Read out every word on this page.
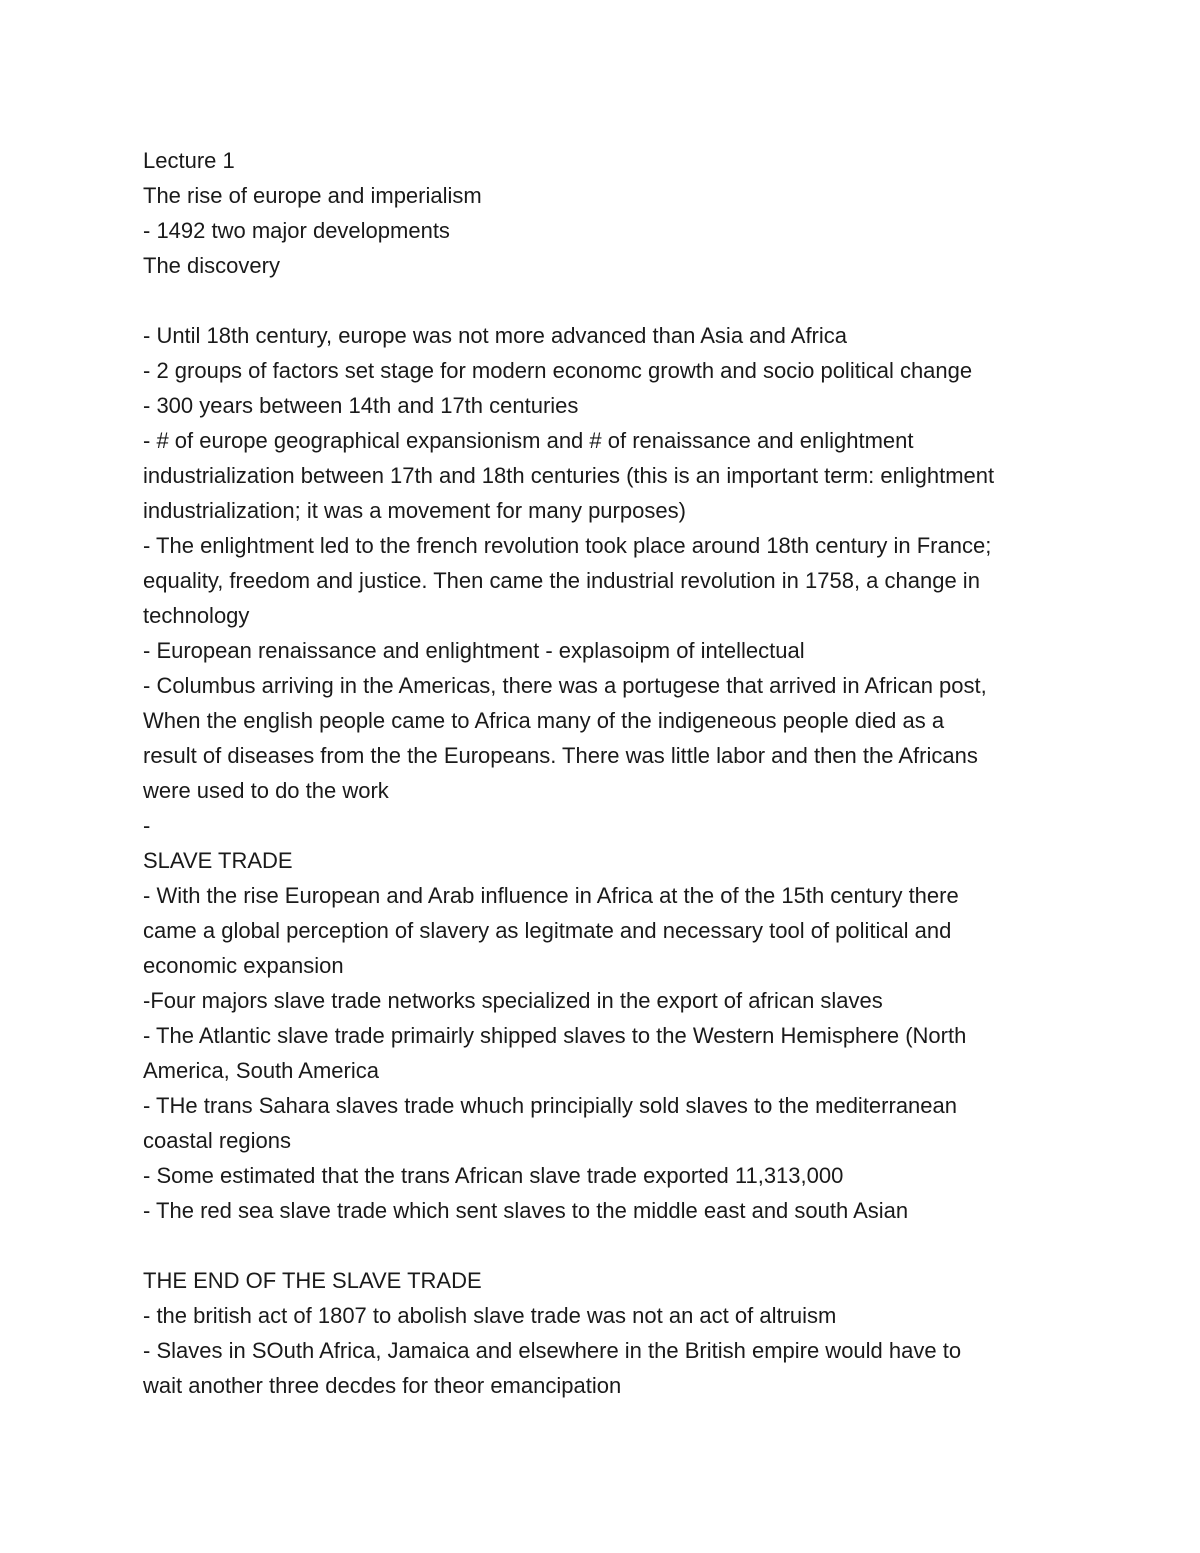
Lecture 1
The rise of europe and imperialism
- 1492 two major developments
The discovery
- Until 18th century, europe was not more advanced than Asia and Africa
- 2 groups of factors set stage for modern economc growth and socio political change
- 300 years between 14th and 17th centuries
- # of europe geographical expansionism and # of renaissance and enlightment
industrialization between 17th and 18th centuries (this is an important term: enlightment
industrialization; it was a movement for many purposes)
- The enlightment led to the french revolution took place around 18th century in France;
equality, freedom and justice. Then came the industrial revolution in 1758, a change in
technology
- European renaissance and enlightment - explasoipm of intellectual
- Columbus arriving in the Americas, there was a portugese that arrived in African post,
When the english people came to Africa many of the indigeneous people died as a
result of diseases from the the Europeans. There was little labor and then the Africans
were used to do the work
-
SLAVE TRADE
- With the rise European and Arab influence in Africa at the of the 15th century there
came a global perception of slavery as legitmate and necessary tool of political and
economic expansion
-Four majors slave trade networks specialized in the export of african slaves
- The Atlantic slave trade primairly shipped slaves to the Western Hemisphere (North
America, South America
- THe trans Sahara slaves trade whuch principially sold slaves to the mediterranean
coastal regions
- Some estimated that the trans African slave trade exported 11,313,000
- The red sea slave trade which sent slaves to the middle east and south Asian
THE END OF THE SLAVE TRADE
- the british act of 1807 to abolish slave trade was not an act of altruism
- Slaves in SOuth Africa, Jamaica and elsewhere in the British empire would have to
wait another three decdes for theor emancipation
